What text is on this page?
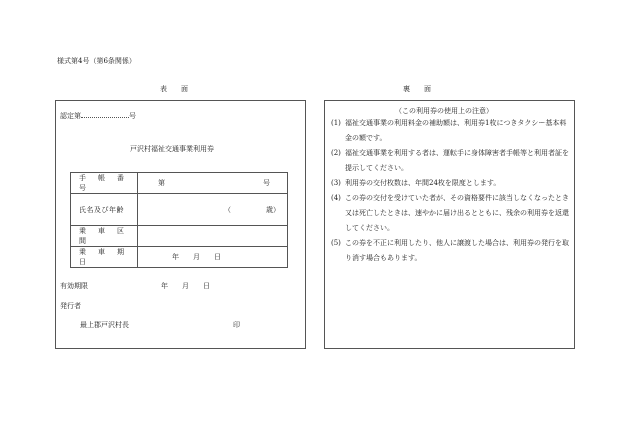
様式第4号（第6条関係）
表　　面
認定第	号
戸沢村福祉交通事業利用券
手　帳　番　号	第　　　　　　　　　　　　　　号
氏名及び年齢	（　　　　　歳）
乗　車　区　間	
乗　車　期　日	年　　月　　日
有効期限	年　　月　　日
発行者
最上郡戸沢村長	印
裏　　面
（この利用券の使用上の注意）
(1) 福祉交通事業の利用料金の補助額は、利用券1枚につきタクシー基本料金の額です。
(2) 福祉交通事業を利用する者は、運転手に身体障害者手帳等と利用者証を提示してください。
(3) 利用券の交付枚数は、年間24枚を限度とします。
(4) この券の交付を受けていた者が、その資格要件に該当しなくなったとき又は死亡したときは、速やかに届け出るとともに、残余の利用券を返還してください。
(5) この券を不正に利用したり、他人に譲渡した場合は、利用券の発行を取り消す場合もあります。
